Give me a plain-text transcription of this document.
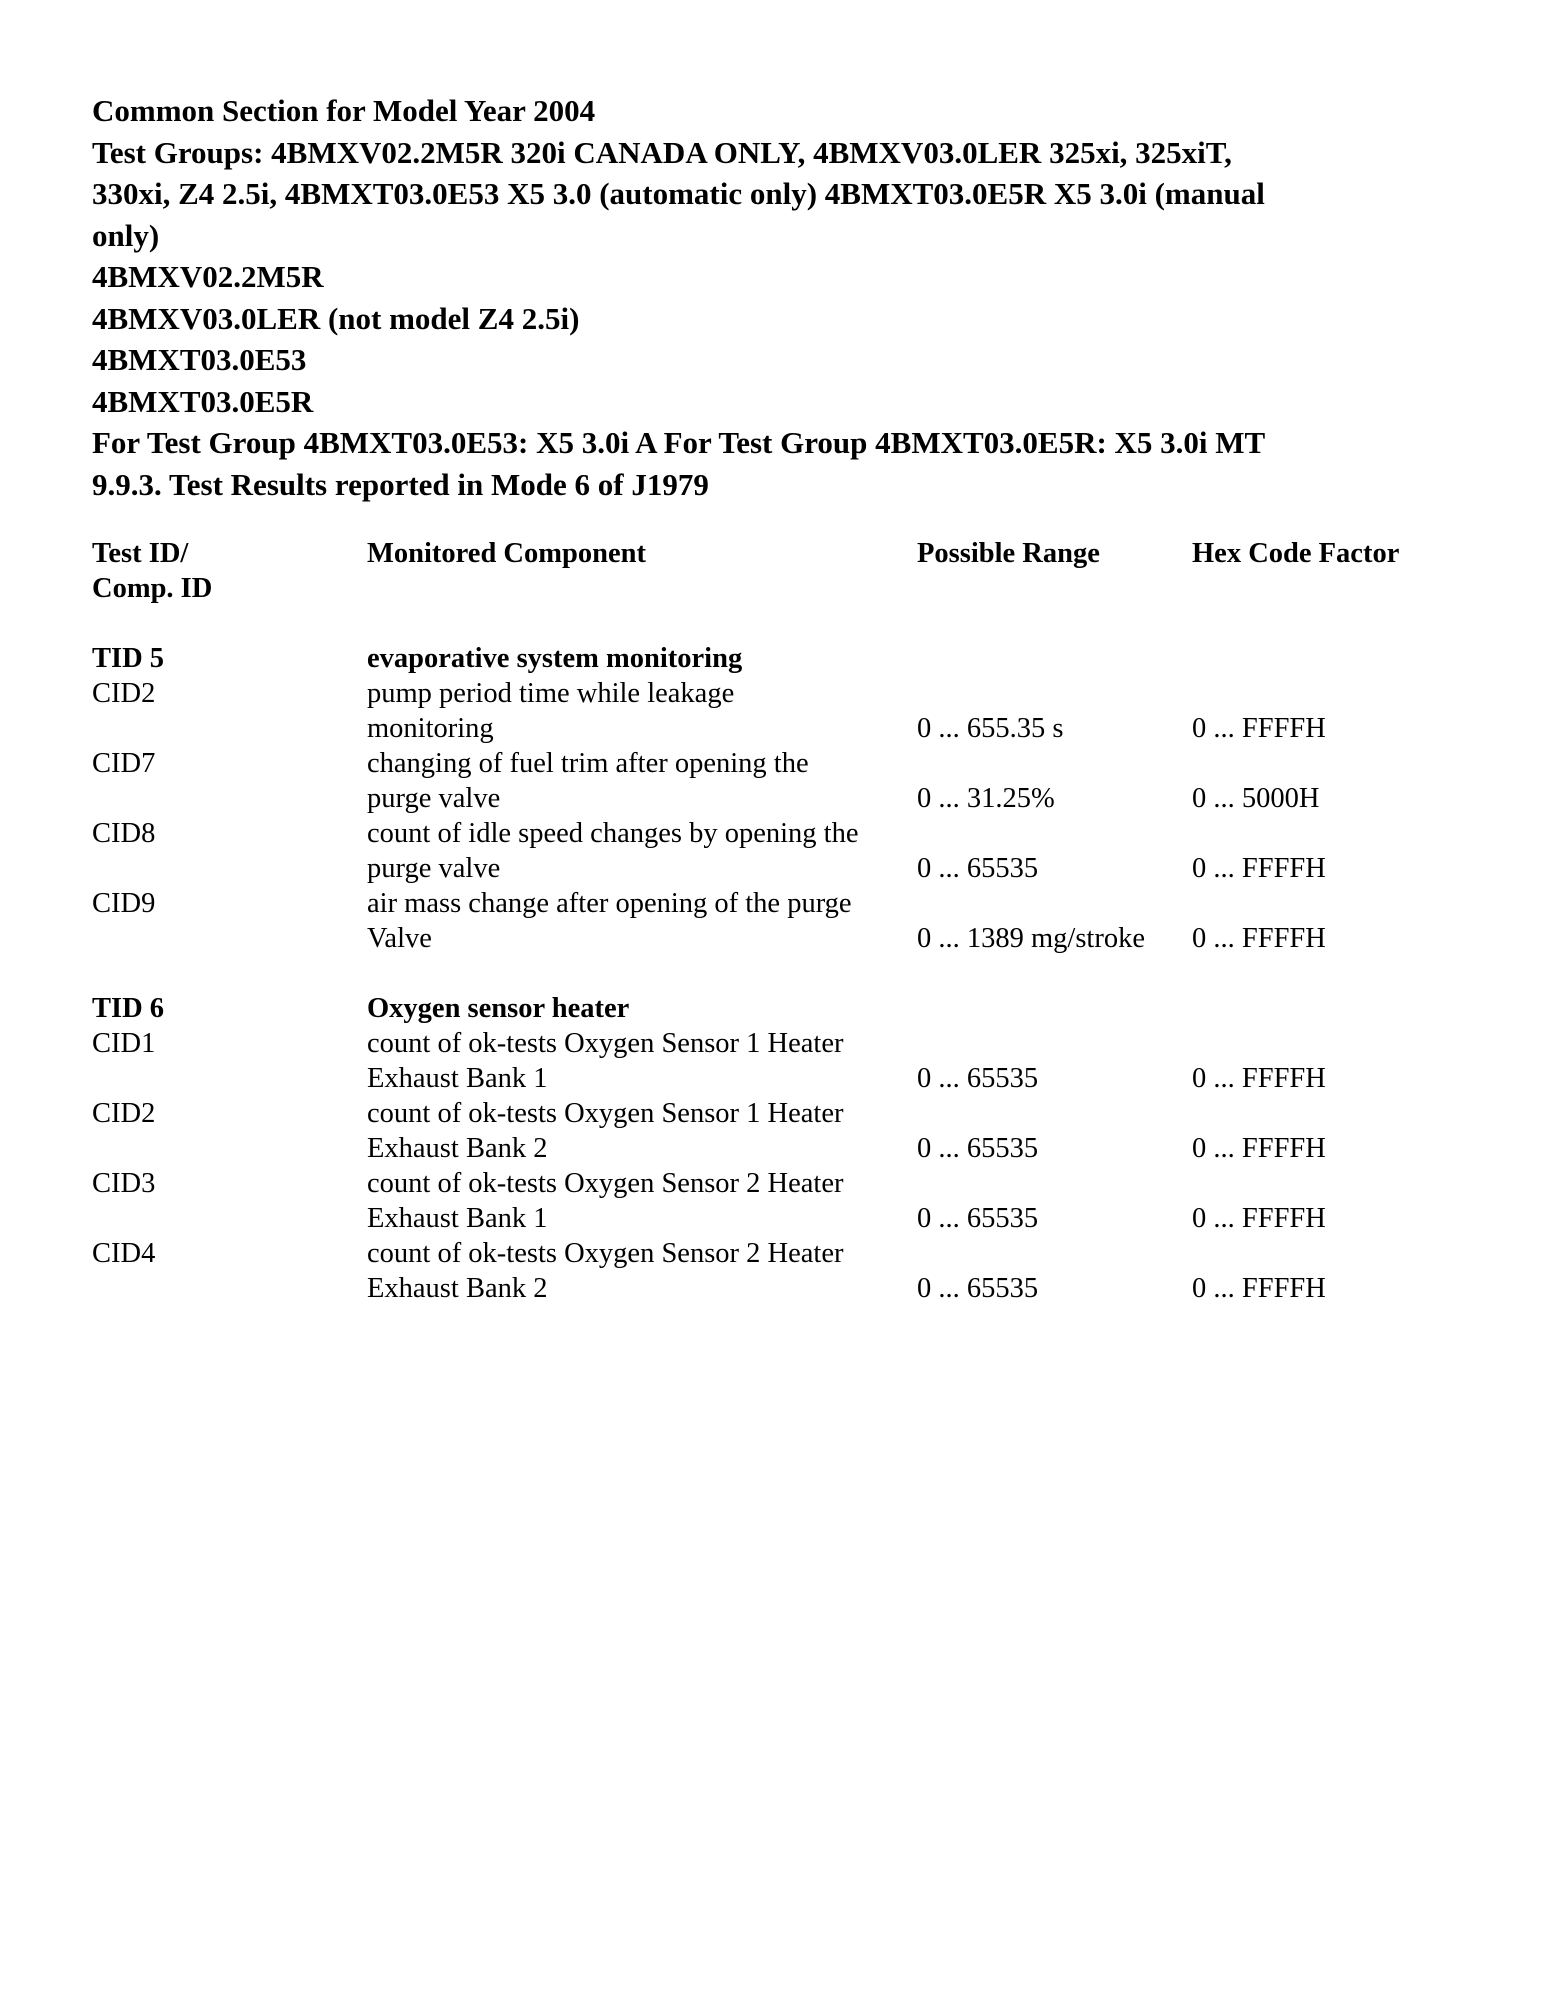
Common Section for Model Year 2004
Test Groups: 4BMXV02.2M5R 320i CANADA ONLY, 4BMXV03.0LER 325xi, 325xiT,
330xi, Z4 2.5i, 4BMXT03.0E53 X5 3.0 (automatic only) 4BMXT03.0E5R X5 3.0i (manual
only)
4BMXV02.2M5R
4BMXV03.0LER (not model Z4 2.5i)
4BMXT03.0E53
4BMXT03.0E5R
For Test Group 4BMXT03.0E53: X5 3.0i A For Test Group 4BMXT03.0E5R: X5 3.0i MT
9.9.3. Test Results reported in Mode 6 of J1979
Test ID/
Comp. ID
Monitored Component	Possible Range	Hex Code Factor
TID 5	evaporative system monitoring
CID2	pump period time while leakage
monitoring	0 ... 655.35 s	0 ... FFFFH
CID7	changing of fuel trim after opening the
purge valve	0 ... 31.25%	0 ... 5000H
CID8	count of idle speed changes by opening the
purge valve	0 ... 65535	0 ... FFFFH
CID9	air mass change after opening of the purge
Valve	0 ... 1389 mg/stroke	0 ... FFFFH
TID 6	Oxygen sensor heater
CID1	count of ok-tests Oxygen Sensor 1 Heater
Exhaust Bank 1	0 ... 65535	0 ... FFFFH
CID2	count of ok-tests Oxygen Sensor 1 Heater
Exhaust Bank 2	0 ... 65535	0 ... FFFFH
CID3	count of ok-tests Oxygen Sensor 2 Heater
Exhaust Bank 1	0 ... 65535	0 ... FFFFH
CID4	count of ok-tests Oxygen Sensor 2 Heater
Exhaust Bank 2	0 ... 65535	0 ... FFFFH
